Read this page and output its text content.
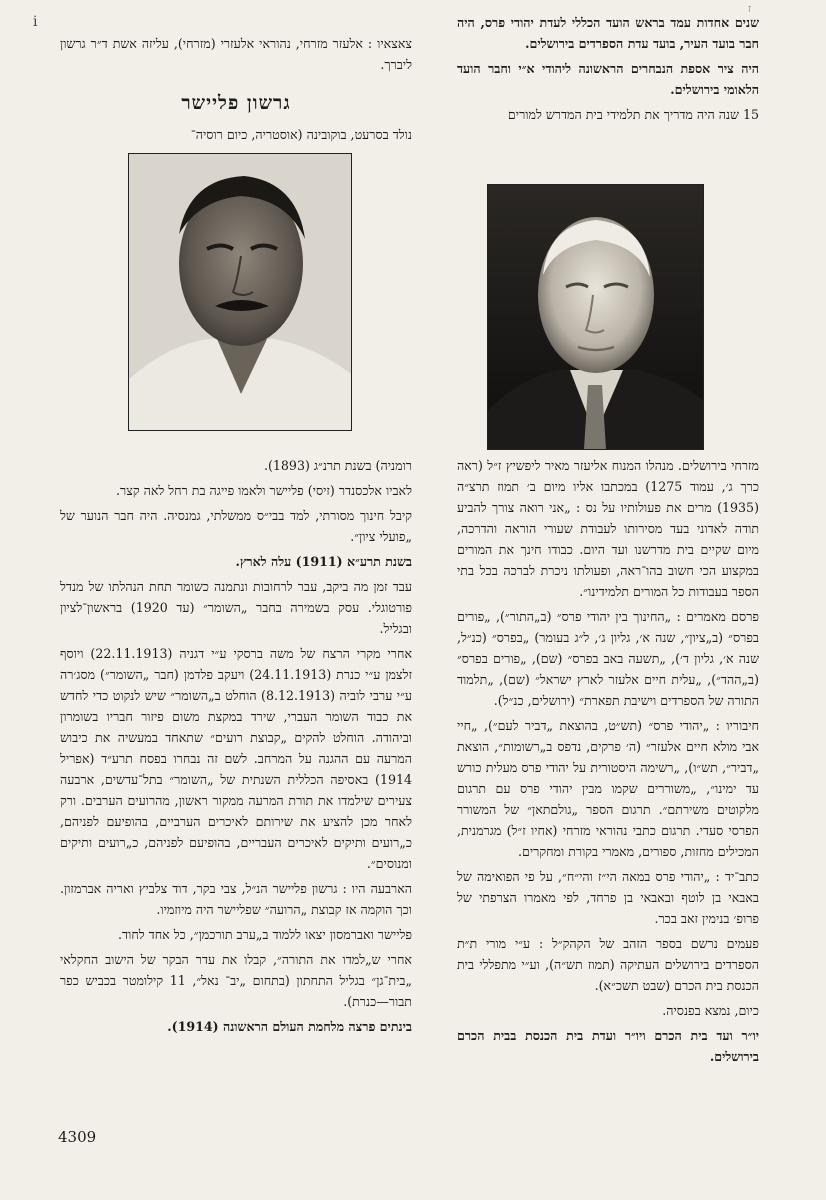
i
ז

שנים אחדות עמד בראש הועד הכללי לעדת יהודי פרס, היה חבר בועד העיר, בועד עדת הספרדים בירושלים.

היה ציר אספת הנבחרים הראשונה ליהודי א״י וחבר הועד הלאומי בירושלים.

15 שנה היה מדריך את תלמידי בית המדרש למורים

מזרחי בירושלים. מנהלו המנוח אליעזר מאיר ליפשיץ ז״ל (ראה כרך ג׳, עמוד 1275) במכתבו אליו מיום ב׳ תמוז תרצ״ה (1935) מרים את פעולותיו על נס : „אני רואה צורך להביע תודה לאדוני בעד מסירותו לעבודת שעורי הוראה והדרכה, מיום שקיים בית מדרשנו ועד היום. כבודו חינך את המורים במקצוע הכי חשוב בהו־ראה, ופעולתו ניכרת לברכה בכל בתי הספר בעבודות כל המורים תלמידינו״.

פרסם מאמרים : „החינוך בין יהודי פרס״ (ב„התור״), „פורים בפרס״ (ב„ציון״, שנה א׳, גליון ג׳, ל״ג בעומר) „בפרס״ (כנ״ל, שנה א׳, גליון ד׳), „תשעה באב בפרס״ (שם), „פורים בפרס״ (ב„ההד״), „עלית חיים אלעזר לארץ ישראל״ (שם), „תלמוד התורה של הספרדים וישיבת תפארת״ (ירושלים, כנ״ל).

חיבוריו : „יהודי פרס״ (תש״ט, בהוצאת „דביר לעם״), „חיי אבי מולא חיים אלעזר״ (ה׳ פרקים, נדפס ב„רשומות״, הוצאת „דביר״, תש״ו), „רשימה היסטורית על יהודי פרס מעלית כורש עד ימינו״, „משוררים שקמו מבין יהודי פרס עם תרגום מלקוטים משירתם״. תרגום הספר „גולםתאן״ של המשורר הפרסי סעדי. תרגום כתבי נהוראי מזרחי (אחיו ז״ל) מגרמנית, המכילים מחזות, ספורים, מאמרי בקורת ומחקרים.

כתב־יד : „יהודי פרס במאה הי״ז והי״ח״, על פי הפואימה של באבאי בן לוטף ובאבאי בן פרחד, לפי מאמרו הצרפתי של פרופ׳ בנימין זאב בכר.

פעמים נרשם בספר הזהב של הקהק״ל : ע״י מורי ת״ת הספרדים בירושלים העתיקה (תמוז תש״ה), וע״י מתפללי בית הכנסת בית הכרם (שבט תשכ״א).

כיום, נמצא בפנסיה.

יו״ר ועד בית הכרם ויו״ר ועדת בית הכנסת בבית הכרם בירושלים.

צאצאיו : אלעזר מזרחי, נהוראי אלעזרי (מזרחי), עליזה אשת ד״ר גרשון ליברך.

גרשון פליישר

נולד בסרעט, בוקובינה (אוסטריה, כיום רוסיה־

רומניה) בשנת תרנ״ג (1893).

לאביו אלכסנדר (זיסי) פליישר ולאמו פייגה בת רחל לאה קצר.

קיבל חינוך מסורתי, למד בבי״ס ממשלתי, גמנסיה. היה חבר הנוער של „פועלי ציון״.

בשנת תרע״א (1911) עלה לארץ.

עבד זמן מה ביקב, עבר לרחובות ונתמנה כשומר תחת הנהלתו של מנדל פורטוגלי. עסק בשמירה בחבר „השומר״ (עד 1920) בראשון־לציון ובגליל.

אחרי מקרי הרצח של משה ברסקי ע״י דגניה (22.11.1913) ויוסף זלצמן ע״י כנרת (24.11.1913) ויעקב פלדמן (חבר „השומר״) מסג׳רה ע״י ערבי לוביה (8.12.1913) הוחלט ב„השומר״ שיש לנקוט כדי לחדש את כבוד השומר העברי, שירד במקצת משום פיזור חבריו בשומרון וביהודה. הוחלט להקים „קבוצת רועים״ שתאחד במעשיה את כיבוש המרעה עם ההגנה על המרחב. לשם זה נבחרו בפסח תרע״ד (אפריל 1914) באסיפה הכללית השנתית של „השומר״ בתל־עדשים, ארבעה צעירים שילמדו את תורת המרעה ממקור ראשון, מהרועים הערבים. ורק לאחר מכן להציע את שירותם לאיכרים הערביים, בהופיעם לפניהם, כ„רועים ותיקים לאיכרים העבריים, בהופיעם לפניהם, כ„רועים ותיקים ומנוסים״.

הארבעה היו : גרשון פליישר הנ״ל, צבי בקר, דוד צלביץ ואריה אברמזון. וכך הוקמה אז קבוצת „הרועה״ שפליישר היה מיוזמיו.

פליישר ואברמסון יצאו ללמוד ב„ערב תורכמן״, כל אחד לחוד.

אחרי ש„למדו את התורה״, קבלו את עדר הבקר של הישוב החקלאי „בית־גן״ בגליל התחתון (בתחום „יב־ נאל״, 11 קילומטר בכביש כפר תבור—כנרת).

בינתים פרצה מלחמת העולם הראשונה (1914).

4309
